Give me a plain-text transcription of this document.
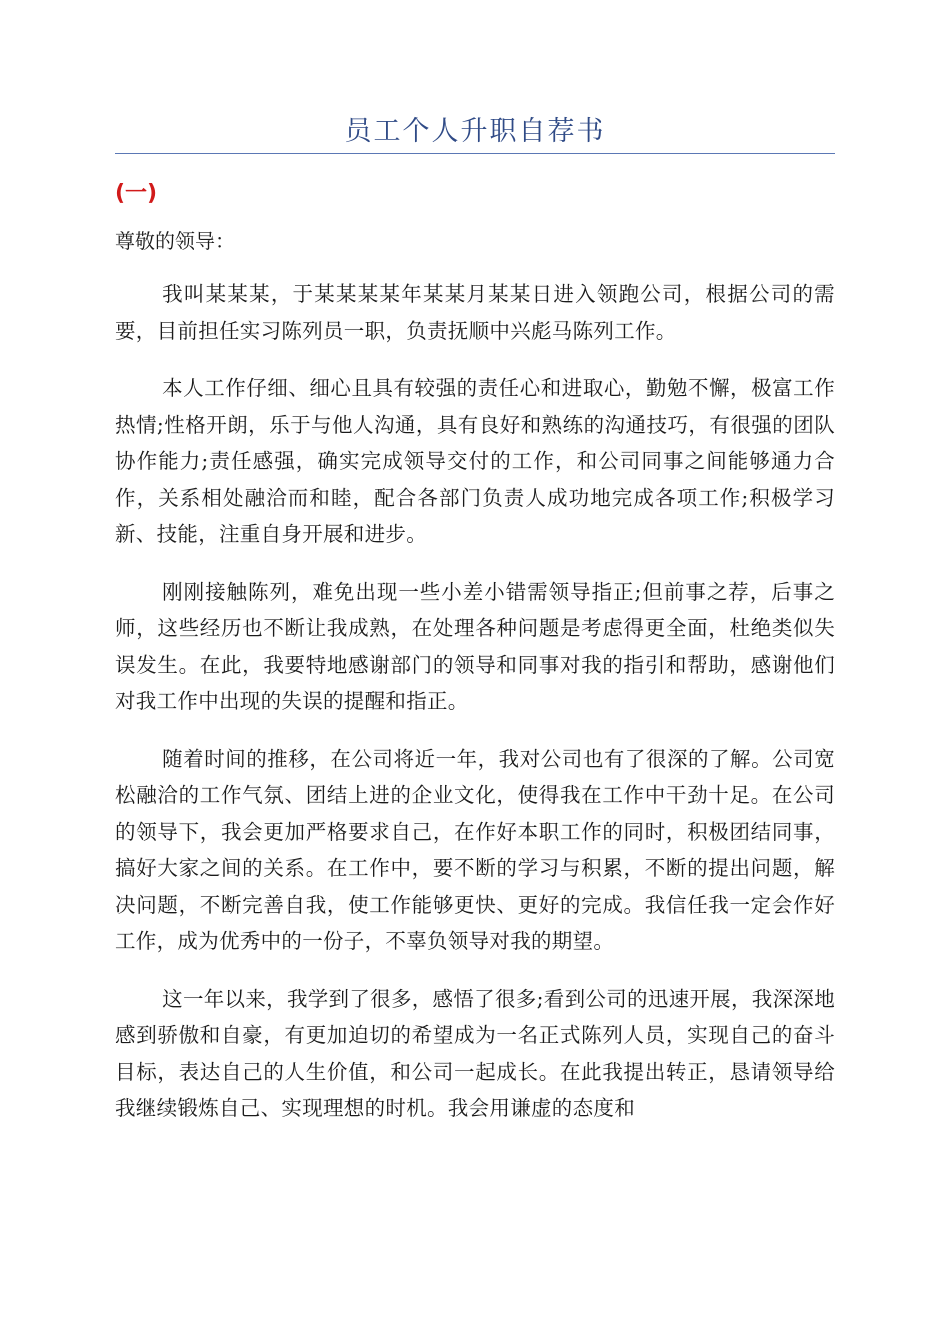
员工个人升职自荐书
(一)
尊敬的领导：

我叫某某某，于某某某某年某某月某某日进入领跑公司，根据公司的需要，目前担任实习陈列员一职，负责抚顺中兴彪马陈列工作。

本人工作仔细、细心且具有较强的责任心和进取心，勤勉不懈，极富工作热情;性格开朗，乐于与他人沟通，具有良好和熟练的沟通技巧，有很强的团队协作能力;责任感强，确实完成领导交付的工作，和公司同事之间能够通力合作，关系相处融洽而和睦，配合各部门负责人成功地完成各项工作;积极学习新、技能，注重自身开展和进步。

刚刚接触陈列，难免出现一些小差小错需领导指正;但前事之荐，后事之师，这些经历也不断让我成熟，在处理各种问题是考虑得更全面，杜绝类似失误发生。在此，我要特地感谢部门的领导和同事对我的指引和帮助，感谢他们对我工作中出现的失误的提醒和指正。

随着时间的推移，在公司将近一年，我对公司也有了很深的了解。公司宽松融洽的工作气氛、团结上进的企业文化，使得我在工作中干劲十足。在公司的领导下，我会更加严格要求自己，在作好本职工作的同时，积极团结同事，搞好大家之间的关系。在工作中，要不断的学习与积累，不断的提出问题，解决问题，不断完善自我，使工作能够更快、更好的完成。我信任我一定会作好工作，成为优秀中的一份子，不辜负领导对我的期望。

这一年以来，我学到了很多，感悟了很多;看到公司的迅速开展，我深深地感到骄傲和自豪，有更加迫切的希望成为一名正式陈列人员，实现自己的奋斗目标，表达自己的人生价值，和公司一起成长。在此我提出转正，恳请领导给我继续锻炼自己、实现理想的时机。我会用谦虚的态度和
